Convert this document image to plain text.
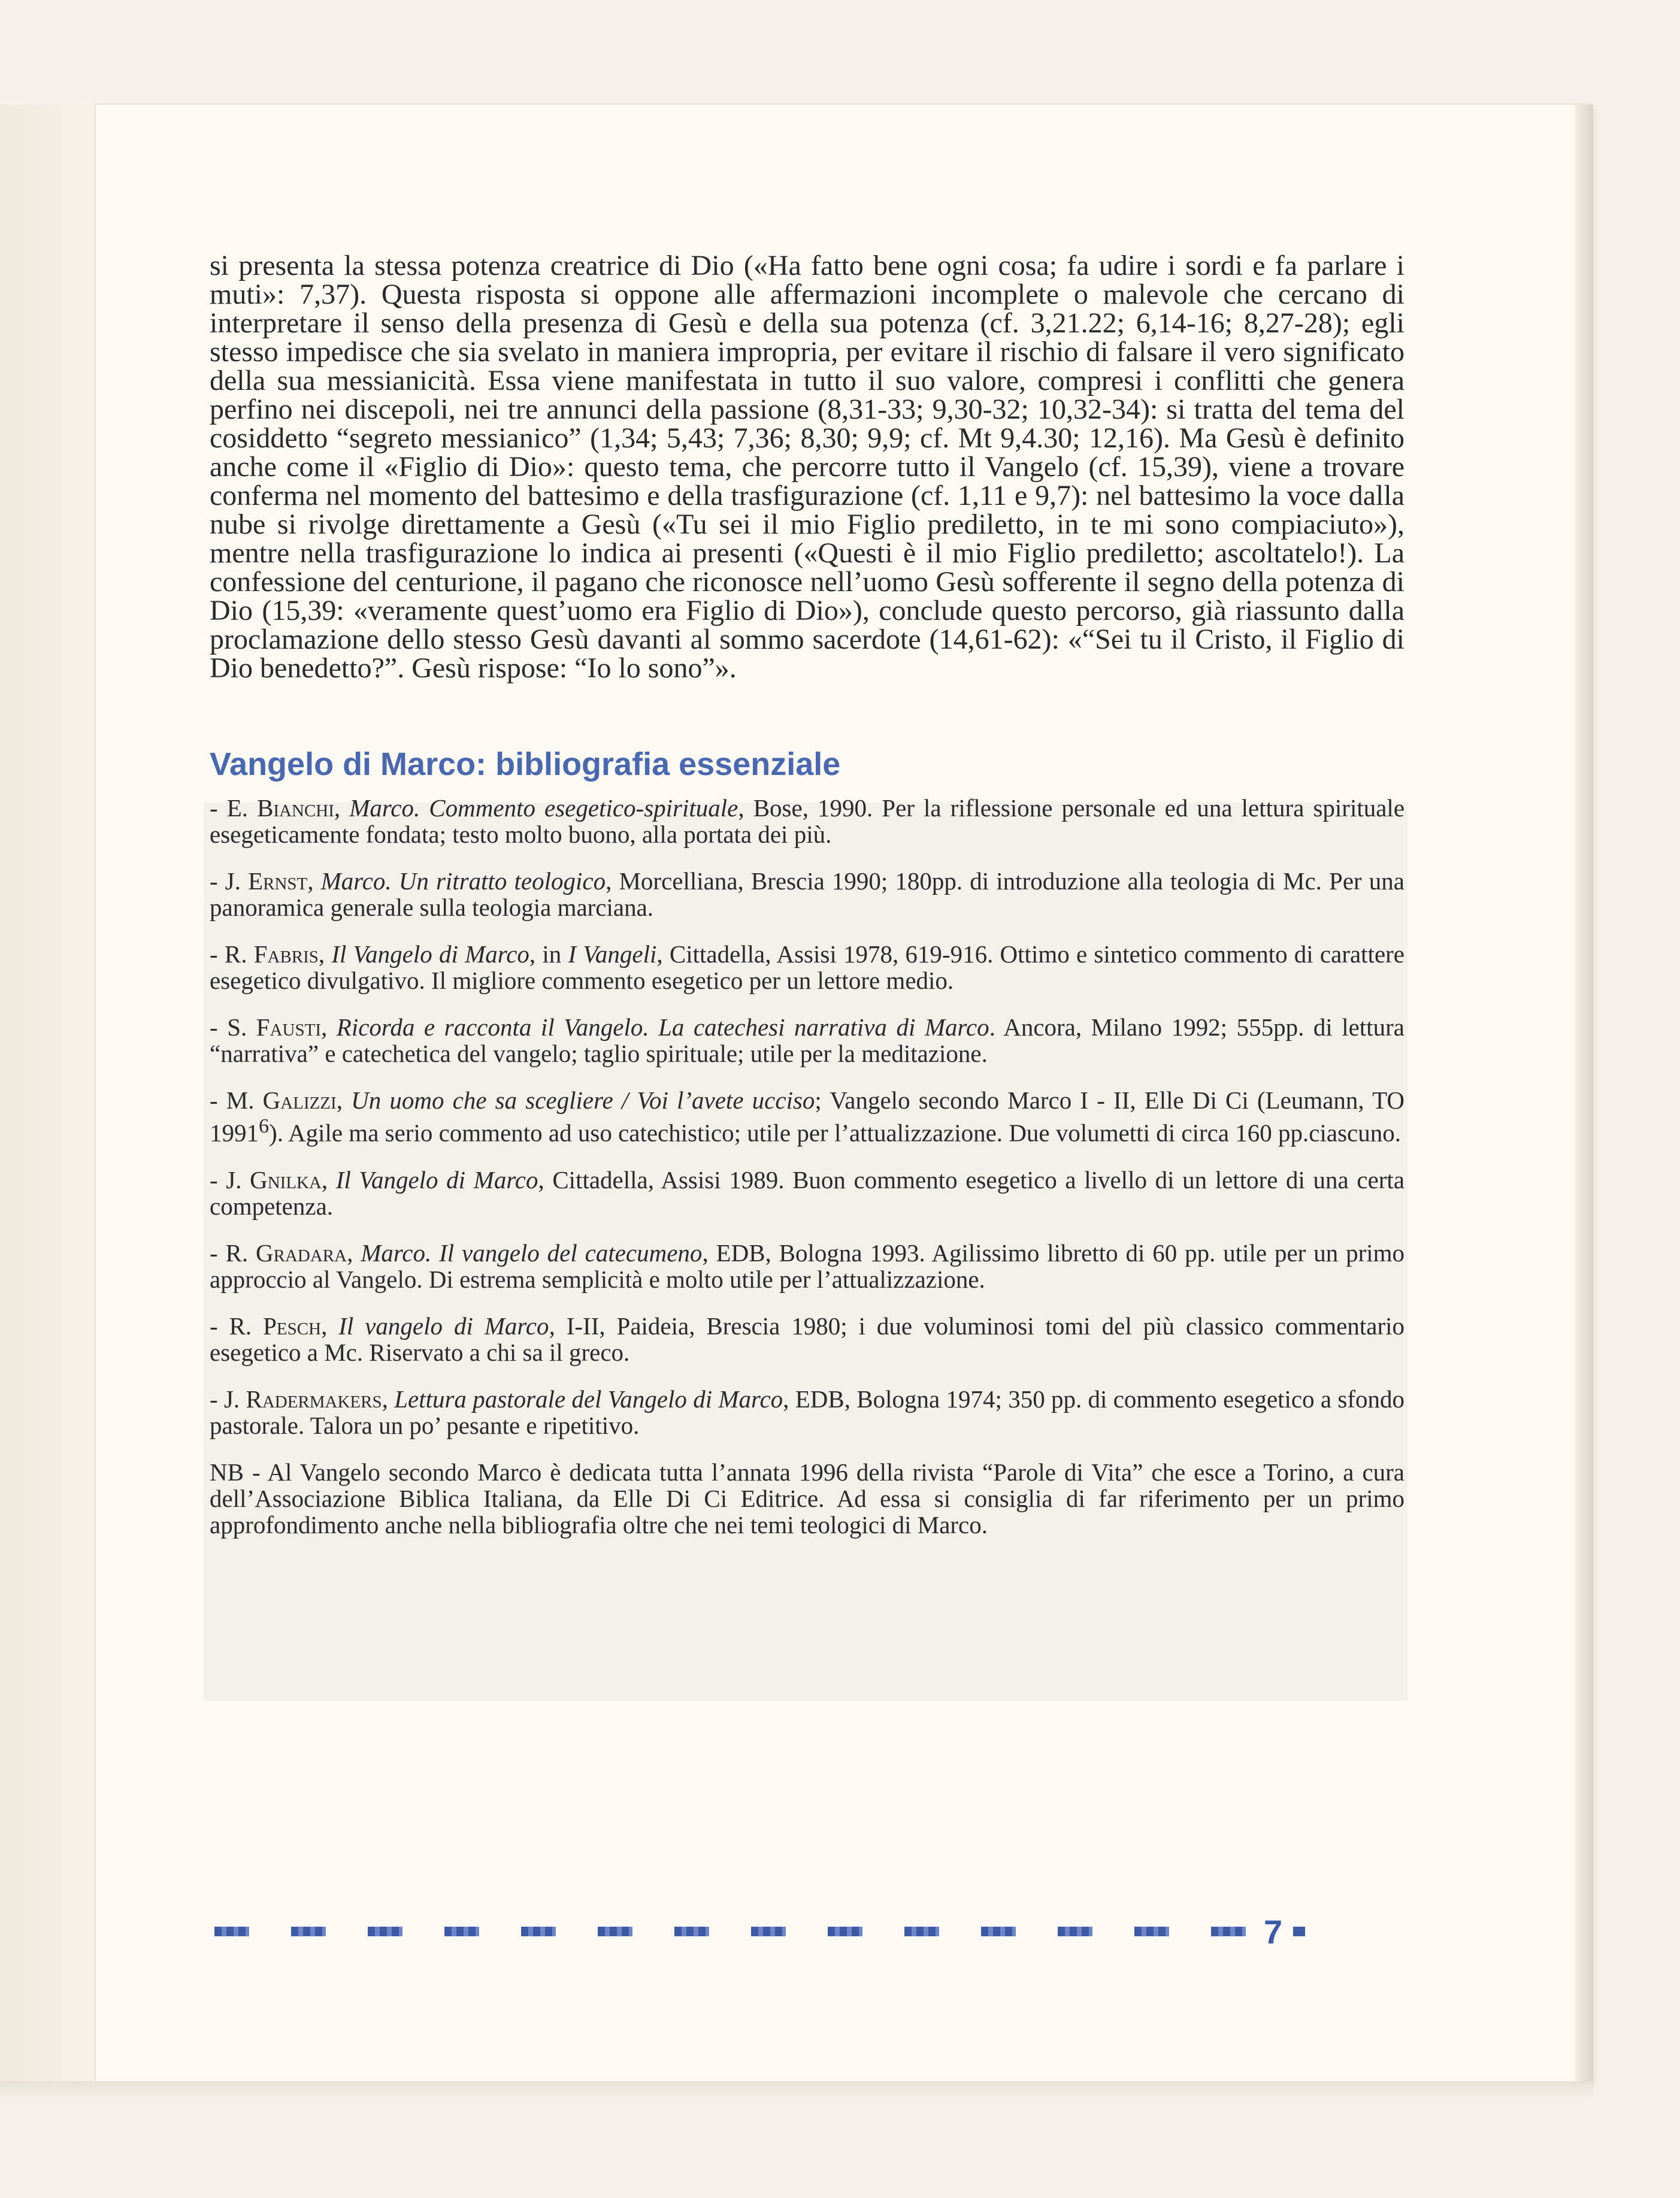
si presenta la stessa potenza creatrice di Dio («Ha fatto bene ogni cosa; fa udire i sordi e fa parlare i muti»: 7,37). Questa risposta si oppone alle affermazioni incomplete o malevole che cercano di interpretare il senso della presenza di Gesù e della sua potenza (cf. 3,21.22; 6,14-16; 8,27-28); egli stesso impedisce che sia svelato in maniera impropria, per evitare il rischio di falsare il vero significato della sua messianicità. Essa viene manifestata in tutto il suo valore, compresi i conflitti che genera perfino nei discepoli, nei tre annunci della passione (8,31-33; 9,30-32; 10,32-34): si tratta del tema del cosiddetto “segreto messianico” (1,34; 5,43; 7,36; 8,30; 9,9; cf. Mt 9,4.30; 12,16). Ma Gesù è definito anche come il «Figlio di Dio»: questo tema, che percorre tutto il Vangelo (cf. 15,39), viene a trovare conferma nel momento del battesimo e della trasfigurazione (cf. 1,11 e 9,7): nel battesimo la voce dalla nube si rivolge direttamente a Gesù («Tu sei il mio Figlio prediletto, in te mi sono compiaciuto»), mentre nella trasfigurazione lo indica ai presenti («Questi è il mio Figlio prediletto; ascoltatelo!). La confessione del centurione, il pagano che riconosce nell’uomo Gesù sofferente il segno della potenza di Dio (15,39: «veramente quest’uomo era Figlio di Dio»), conclude questo percorso, già riassunto dalla proclamazione dello stesso Gesù davanti al sommo sacerdote (14,61-62): «“Sei tu il Cristo, il Figlio di Dio benedetto?”. Gesù rispose: “Io lo sono”».

Vangelo di Marco: bibliografia essenziale

- E. Bianchi, Marco. Commento esegetico-spirituale, Bose, 1990. Per la riflessione personale ed una lettura spirituale esegeticamente fondata; testo molto buono, alla portata dei più.

- J. Ernst, Marco. Un ritratto teologico, Morcelliana, Brescia 1990; 180pp. di introduzione alla teologia di Mc. Per una panoramica generale sulla teologia marciana.

- R. Fabris, Il Vangelo di Marco, in I Vangeli, Cittadella, Assisi 1978, 619-916. Ottimo e sintetico commento di carattere esegetico divulgativo. Il migliore commento esegetico per un lettore medio.

- S. Fausti, Ricorda e racconta il Vangelo. La catechesi narrativa di Marco. Ancora, Milano 1992; 555pp. di lettura “narrativa” e catechetica del vangelo; taglio spirituale; utile per la meditazione.

- M. Galizzi, Un uomo che sa scegliere / Voi l’avete ucciso; Vangelo secondo Marco I - II, Elle Di Ci (Leumann, TO 1991$^6$). Agile ma serio commento ad uso catechistico; utile per l’attualizzazione. Due volumetti di circa 160 pp.ciascuno.

- J. Gnilka, Il Vangelo di Marco, Cittadella, Assisi 1989. Buon commento esegetico a livello di un lettore di una certa competenza.

- R. Gradara, Marco. Il vangelo del catecumeno, EDB, Bologna 1993. Agilissimo libretto di 60 pp. utile per un primo approccio al Vangelo. Di estrema semplicità e molto utile per l’attualizzazione.

- R. Pesch, Il vangelo di Marco, I-II, Paideia, Brescia 1980; i due voluminosi tomi del più classico commentario esegetico a Mc. Riservato a chi sa il greco.

- J. Radermakers, Lettura pastorale del Vangelo di Marco, EDB, Bologna 1974; 350 pp. di commento esegetico a sfondo pastorale. Talora un po’ pesante e ripetitivo.

NB - Al Vangelo secondo Marco è dedicata tutta l’annata 1996 della rivista “Parole di Vita” che esce a Torino, a cura dell’Associazione Biblica Italiana, da Elle Di Ci Editrice. Ad essa si consiglia di far riferimento per un primo approfondimento anche nella bibliografia oltre che nei temi teologici di Marco.

7
